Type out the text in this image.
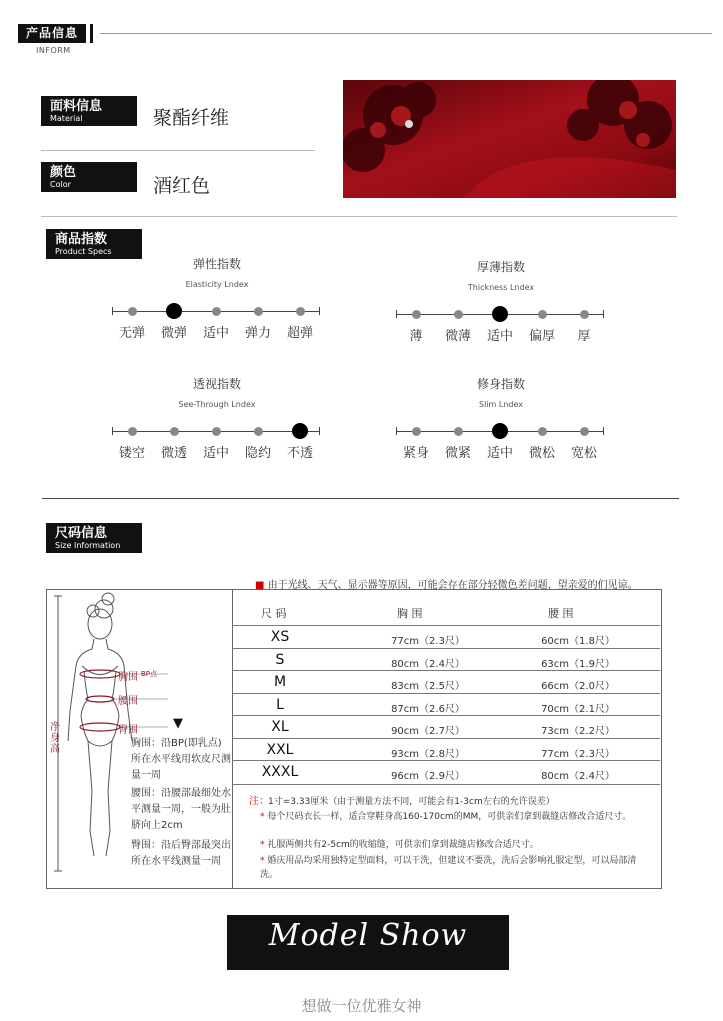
产品信息
INFORM
面料信息
Material	聚酯纤维
颜色
Color	酒红色
商品指数
Product Specs
弹性指数
Elasticity Lndex
无弹	微弹	适中	弹力	超弹
厚薄指数
Thickness Lndex
薄	微薄	适中	偏厚	厚
透视指数
See-Through Lndex
镂空	微透	适中	隐约	不透
修身指数
Slim Lndex
紧身	微紧	适中	微松	宽松
尺码信息
Size Information
■ 由于光线、天气、显示器等原因，可能会存在部分轻微色差问题，望亲爱的们见谅。
胸围 BP点
腰围
臀围
净身高
▼
胸围：沿BP(即乳点)所在水平线用软皮尺测量一周
腰围：沿腰部最细处水平测量一周，一般为肚脐向上2cm
臀围：沿后臀部最突出所在水平线测量一周
尺 码	胸 围	腰 围
XS	77cm（2.3尺）	60cm（1.8尺）
S	80cm（2.4尺）	63cm（1.9尺）
M	83cm（2.5尺）	66cm（2.0尺）
L	87cm（2.6尺）	70cm（2.1尺）
XL	90cm（2.7尺）	73cm（2.2尺）
XXL	93cm（2.8尺）	77cm（2.3尺）
XXXL	96cm（2.9尺）	80cm（2.4尺）
注： 1寸=3.33厘米（由于测量方法不同，可能会有1-3cm左右的允许误差）
* 每个尺码衣长一样，适合穿鞋身高160-170cm的MM，可供亲们拿到裁缝店修改合适尺寸。
* 礼服两侧共有2-5cm的收缩缝，可供亲们拿到裁缝店修改合适尺寸。
* 婚庆用品均采用独特定型面料，可以干洗，但建议不要洗，洗后会影响礼服定型，可以局部清洗。
Model Show
想做一位优雅女神
